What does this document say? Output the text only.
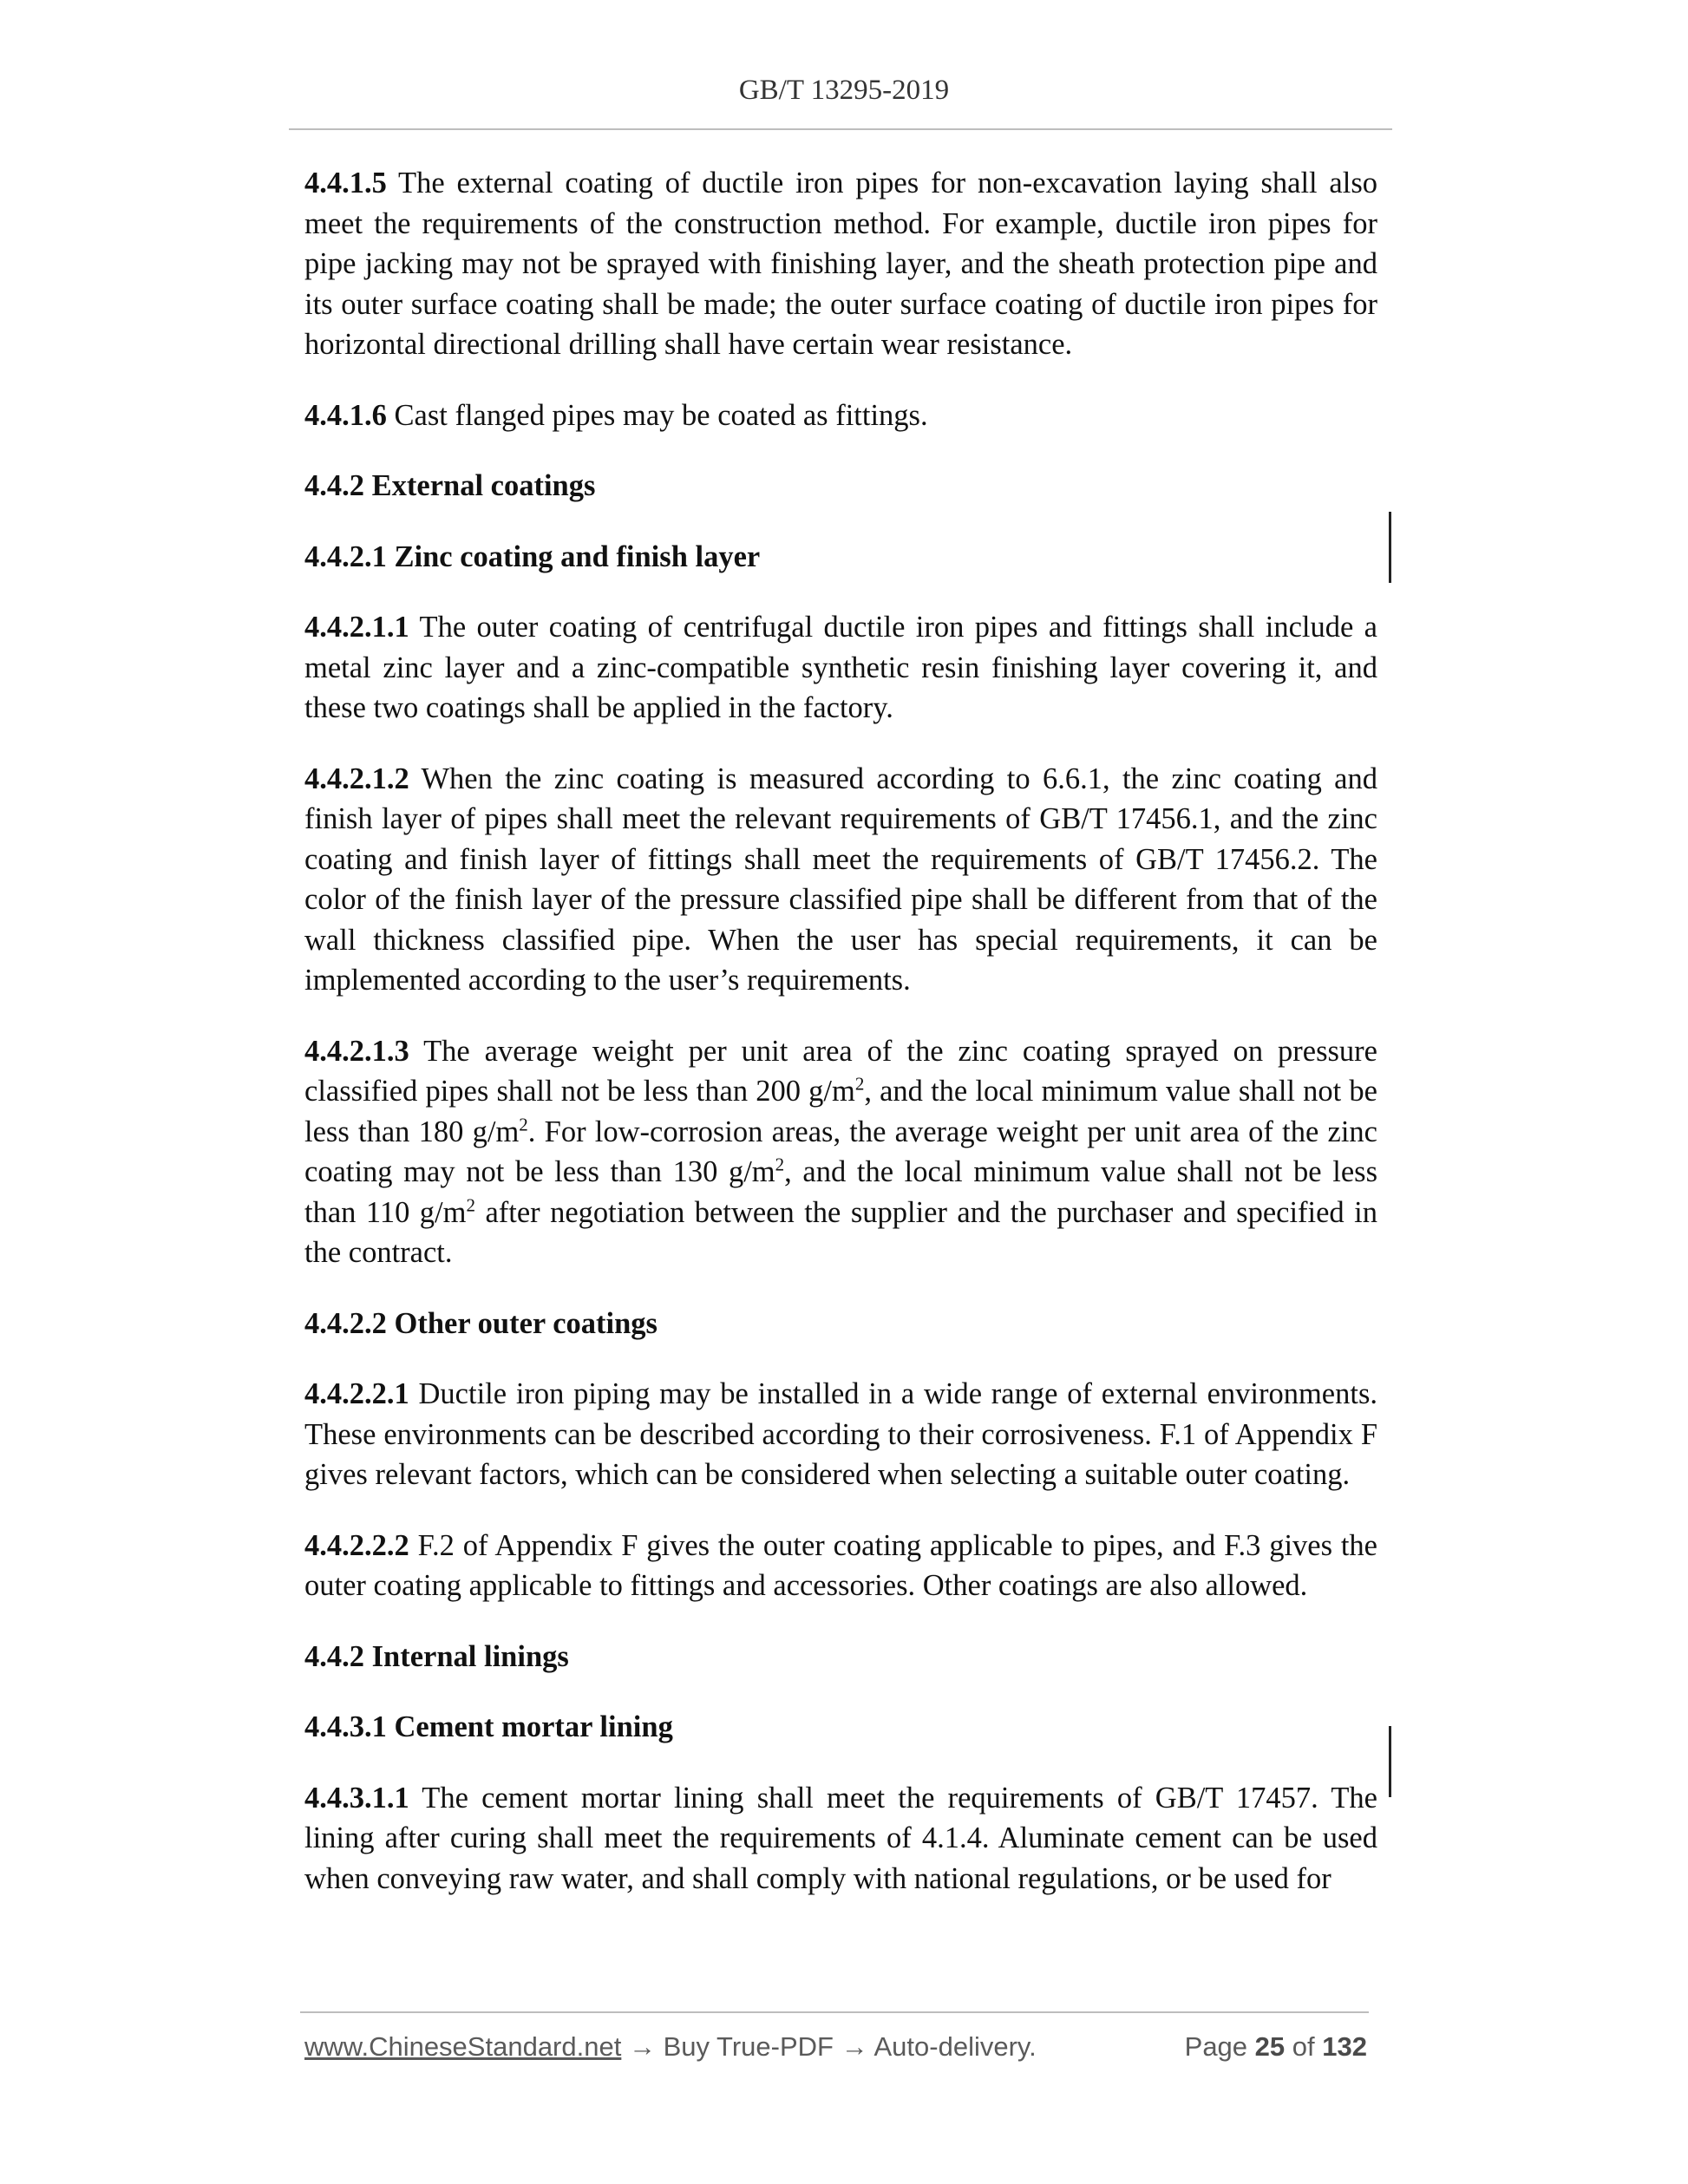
GB/T 13295-2019

4.4.1.5 The external coating of ductile iron pipes for non-excavation laying shall also meet the requirements of the construction method. For example, ductile iron pipes for pipe jacking may not be sprayed with finishing layer, and the sheath protection pipe and its outer surface coating shall be made; the outer surface coating of ductile iron pipes for horizontal directional drilling shall have certain wear resistance.

4.4.1.6 Cast flanged pipes may be coated as fittings.

4.4.2 External coatings

4.4.2.1 Zinc coating and finish layer

4.4.2.1.1 The outer coating of centrifugal ductile iron pipes and fittings shall include a metal zinc layer and a zinc-compatible synthetic resin finishing layer covering it, and these two coatings shall be applied in the factory.

4.4.2.1.2 When the zinc coating is measured according to 6.6.1, the zinc coating and finish layer of pipes shall meet the relevant requirements of GB/T 17456.1, and the zinc coating and finish layer of fittings shall meet the requirements of GB/T 17456.2. The color of the finish layer of the pressure classified pipe shall be different from that of the wall thickness classified pipe. When the user has special requirements, it can be implemented according to the user’s requirements.

4.4.2.1.3 The average weight per unit area of the zinc coating sprayed on pressure classified pipes shall not be less than 200 $g/m^2$, and the local minimum value shall not be less than 180 $g/m^2$. For low-corrosion areas, the average weight per unit area of the zinc coating may not be less than 130 $g/m^2$, and the local minimum value shall not be less than 110 $g/m^2$ after negotiation between the supplier and the purchaser and specified in the contract.

4.4.2.2 Other outer coatings

4.4.2.2.1 Ductile iron piping may be installed in a wide range of external environments. These environments can be described according to their corrosiveness. F.1 of Appendix F gives relevant factors, which can be considered when selecting a suitable outer coating.

4.4.2.2.2 F.2 of Appendix F gives the outer coating applicable to pipes, and F.3 gives the outer coating applicable to fittings and accessories. Other coatings are also allowed.

4.4.2 Internal linings

4.4.3.1 Cement mortar lining

4.4.3.1.1 The cement mortar lining shall meet the requirements of GB/T 17457. The lining after curing shall meet the requirements of 4.1.4. Aluminate cement can be used when conveying raw water, and shall comply with national regulations, or be used for

www.ChineseStandard.net → Buy True-PDF → Auto-delivery.	Page 25 of 132
